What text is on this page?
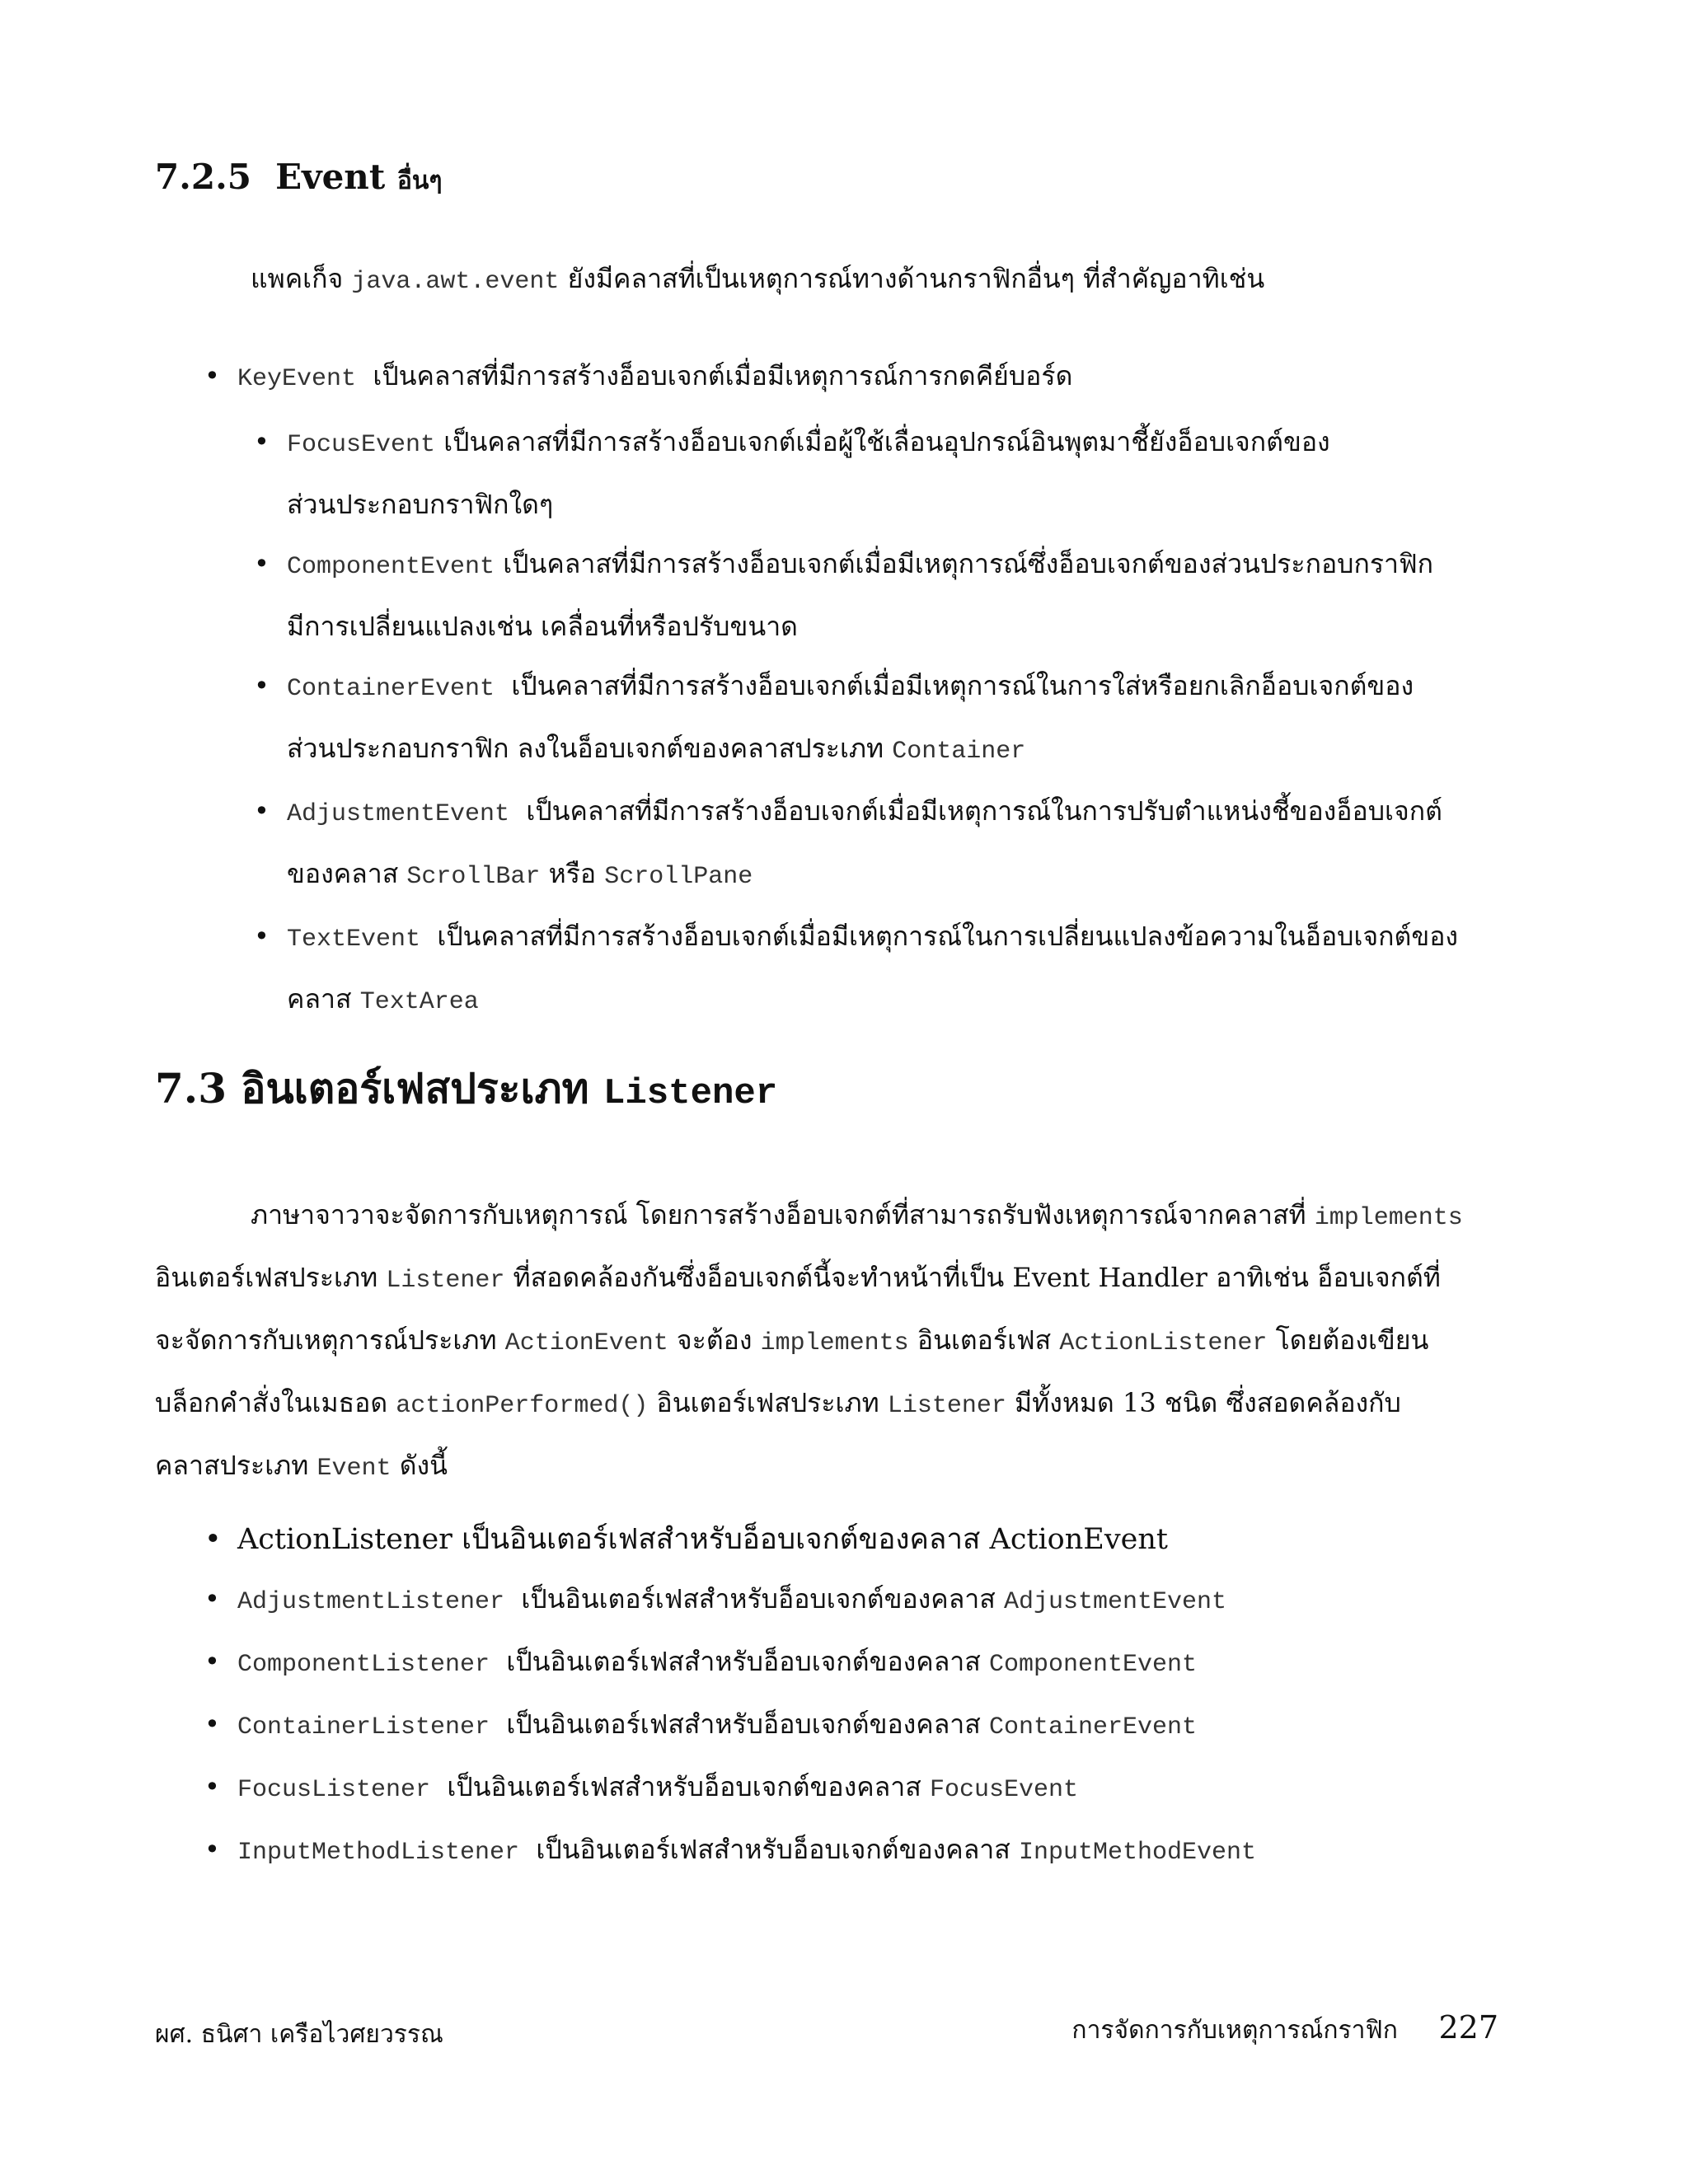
7.2.5 Event อื่นๆ
แพคเก็จ java.awt.event ยังมีคลาสที่เป็นเหตุการณ์ทางด้านกราฟิกอื่นๆ ที่สำคัญอาทิเช่น
• KeyEvent เป็นคลาสที่มีการสร้างอ็อบเจกต์เมื่อมีเหตุการณ์การกดคีย์บอร์ด
• FocusEvent เป็นคลาสที่มีการสร้างอ็อบเจกต์เมื่อผู้ใช้เลื่อนอุปกรณ์อินพุตมาชี้ยังอ็อบเจกต์ของ
ส่วนประกอบกราฟิกใดๆ
• ComponentEvent เป็นคลาสที่มีการสร้างอ็อบเจกต์เมื่อมีเหตุการณ์ซึ่งอ็อบเจกต์ของส่วนประกอบกราฟิก
มีการเปลี่ยนแปลงเช่น เคลื่อนที่หรือปรับขนาด
• ContainerEvent เป็นคลาสที่มีการสร้างอ็อบเจกต์เมื่อมีเหตุการณ์ในการใส่หรือยกเลิกอ็อบเจกต์ของ
ส่วนประกอบกราฟิก ลงในอ็อบเจกต์ของคลาสประเภท Container
• AdjustmentEvent เป็นคลาสที่มีการสร้างอ็อบเจกต์เมื่อมีเหตุการณ์ในการปรับตำแหน่งชี้ของอ็อบเจกต์
ของคลาส ScrollBar หรือ ScrollPane
• TextEvent เป็นคลาสที่มีการสร้างอ็อบเจกต์เมื่อมีเหตุการณ์ในการเปลี่ยนแปลงข้อความในอ็อบเจกต์ของ
คลาส TextArea
7.3 อินเตอร์เฟสประเภท Listener
ภาษาจาวาจะจัดการกับเหตุการณ์ โดยการสร้างอ็อบเจกต์ที่สามารถรับฟังเหตุการณ์จากคลาสที่ implements
อินเตอร์เฟสประเภท Listener ที่สอดคล้องกันซึ่งอ็อบเจกต์นี้จะทำหน้าที่เป็น Event Handler อาทิเช่น อ็อบเจกต์ที่
จะจัดการกับเหตุการณ์ประเภท ActionEvent จะต้อง implements อินเตอร์เฟส ActionListener โดยต้องเขียน
บล็อกคำสั่งในเมธอด actionPerformed() อินเตอร์เฟสประเภท Listener มีทั้งหมด 13 ชนิด ซึ่งสอดคล้องกับ
คลาสประเภท Event ดังนี้
• ActionListener เป็นอินเตอร์เฟสสำหรับอ็อบเจกต์ของคลาส ActionEvent
• AdjustmentListener เป็นอินเตอร์เฟสสำหรับอ็อบเจกต์ของคลาส AdjustmentEvent
• ComponentListener เป็นอินเตอร์เฟสสำหรับอ็อบเจกต์ของคลาส ComponentEvent
• ContainerListener เป็นอินเตอร์เฟสสำหรับอ็อบเจกต์ของคลาส ContainerEvent
• FocusListener เป็นอินเตอร์เฟสสำหรับอ็อบเจกต์ของคลาส FocusEvent
• InputMethodListener เป็นอินเตอร์เฟสสำหรับอ็อบเจกต์ของคลาส InputMethodEvent
ผศ. ธนิศา เครือไวศยวรรณ	การจัดการกับเหตุการณ์กราฟิก 227
